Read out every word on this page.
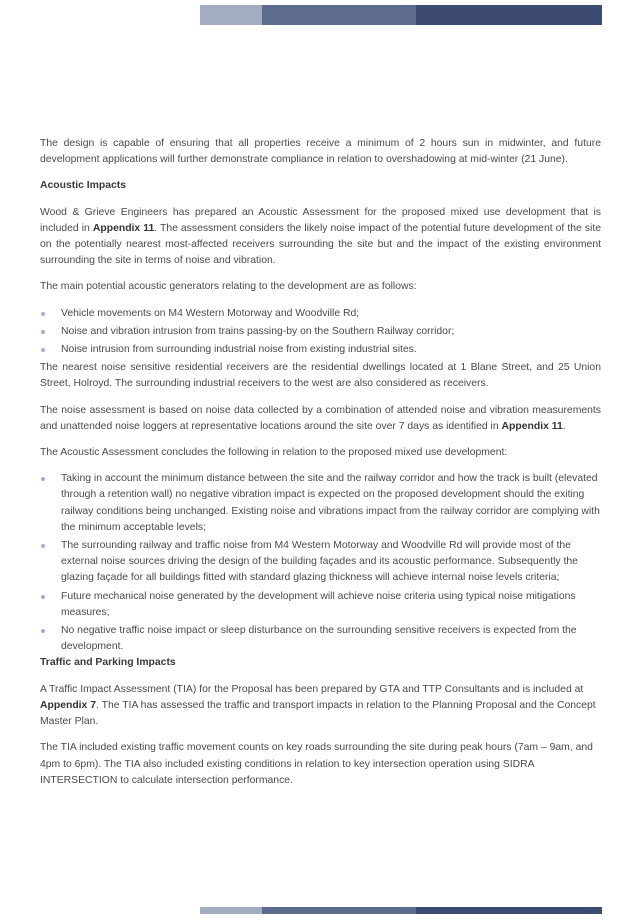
The design is capable of ensuring that all properties receive a minimum of 2 hours sun in midwinter, and future development applications will further demonstrate compliance in relation to overshadowing at mid-winter (21 June).

Acoustic Impacts

Wood & Grieve Engineers has prepared an Acoustic Assessment for the proposed mixed use development that is included in Appendix 11. The assessment considers the likely noise impact of the potential future development of the site on the potentially nearest most-affected receivers surrounding the site but and the impact of the existing environment surrounding the site in terms of noise and vibration.

The main potential acoustic generators relating to the development are as follows:

Vehicle movements on M4 Western Motorway and Woodville Rd;
Noise and vibration intrusion from trains passing-by on the Southern Railway corridor;
Noise intrusion from surrounding industrial noise from existing industrial sites.

The nearest noise sensitive residential receivers are the residential dwellings located at 1 Blane Street, and 25 Union Street, Holroyd. The surrounding industrial receivers to the west are also considered as receivers.

The noise assessment is based on noise data collected by a combination of attended noise and vibration measurements and unattended noise loggers at representative locations around the site over 7 days as identified in Appendix 11.

The Acoustic Assessment concludes the following in relation to the proposed mixed use development:

Taking in account the minimum distance between the site and the railway corridor and how the track is built (elevated through a retention wall) no negative vibration impact is expected on the proposed development should the exiting railway conditions being unchanged. Existing noise and vibrations impact from the railway corridor are complying with the minimum acceptable levels;
The surrounding railway and traffic noise from M4 Western Motorway and Woodville Rd will provide most of the external noise sources driving the design of the building façades and its acoustic performance. Subsequently the glazing façade for all buildings fitted with standard glazing thickness will achieve internal noise levels criteria;
Future mechanical noise generated by the development will achieve noise criteria using typical noise mitigations measures;
No negative traffic noise impact or sleep disturbance on the surrounding sensitive receivers is expected from the development.
Traffic and Parking Impacts

A Traffic Impact Assessment (TIA) for the Proposal has been prepared by GTA and TTP Consultants and is included at Appendix 7. The TIA has assessed the traffic and transport impacts in relation to the Planning Proposal and the Concept Master Plan.

The TIA included existing traffic movement counts on key roads surrounding the site during peak hours (7am – 9am, and 4pm to 6pm). The TIA also included existing conditions in relation to key intersection operation using SIDRA INTERSECTION to calculate intersection performance.
